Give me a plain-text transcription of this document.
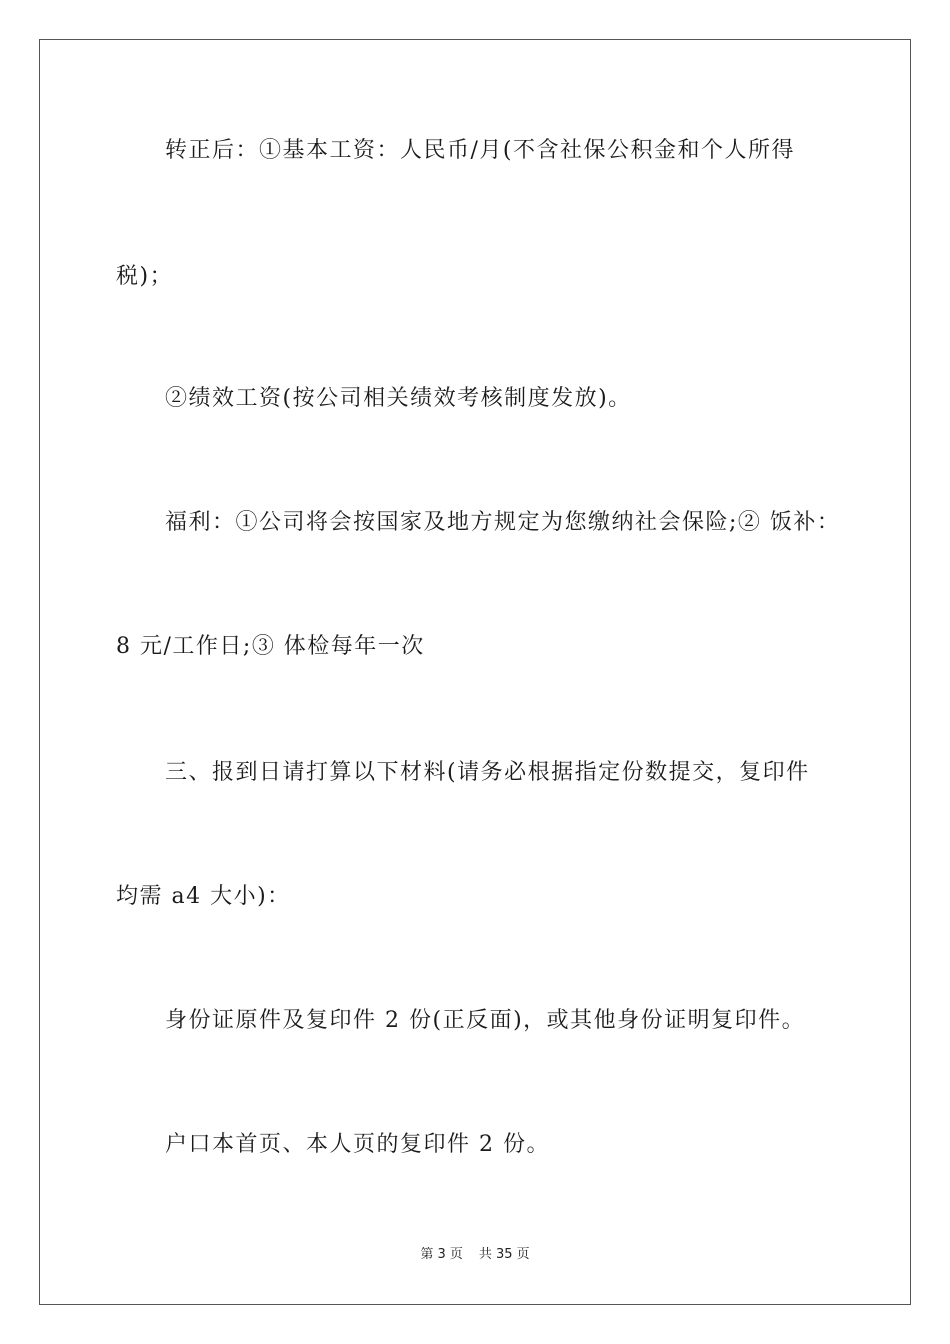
转正后：①基本工资：人民币/月(不含社保公积金和个人所得
税)；
②绩效工资(按公司相关绩效考核制度发放)。
福利：①公司将会按国家及地方规定为您缴纳社会保险;② 饭补：
8 元/工作日;③ 体检每年一次
三、报到日请打算以下材料(请务必根据指定份数提交，复印件
均需 a4 大小)：
身份证原件及复印件 2 份(正反面)，或其他身份证明复印件。
户口本首页、本人页的复印件 2 份。
第 3 页 共 35 页
